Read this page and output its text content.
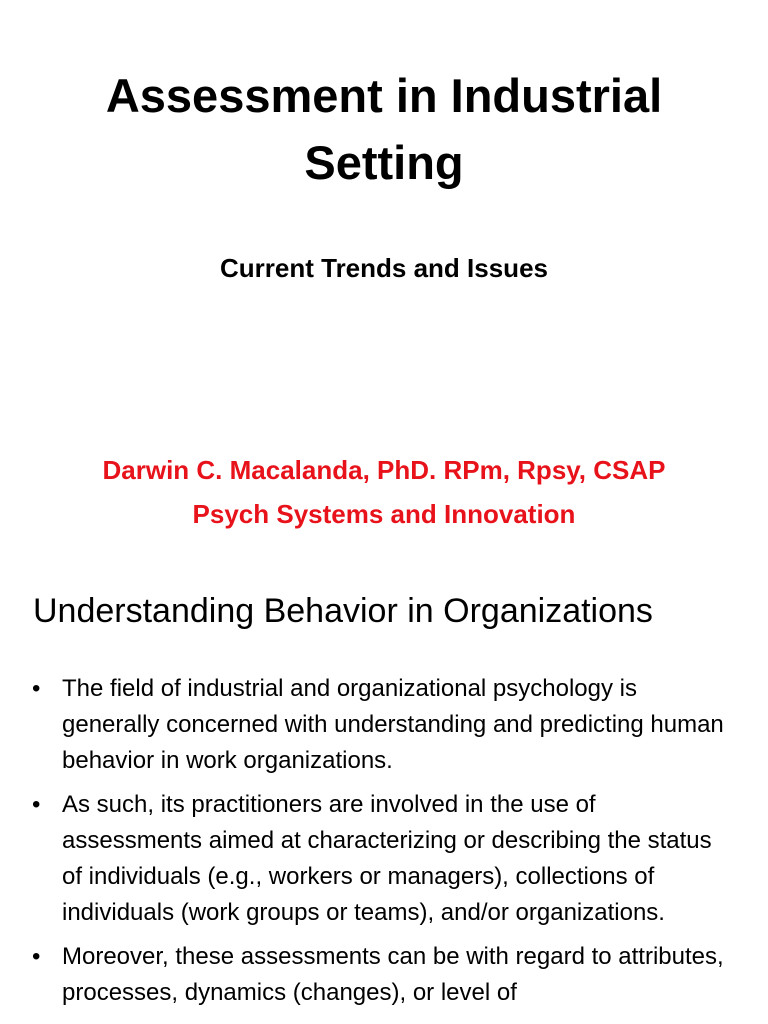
Assessment in Industrial Setting
Current Trends and Issues

Darwin C. Macalanda, PhD. RPm, Rpsy, CSAP

Psych Systems and Innovation

Understanding Behavior in Organizations
• The field of industrial and organizational psychology is generally concerned with understanding and predicting human behavior in work organizations.
• As such, its practitioners are involved in the use of assessments aimed at characterizing or describing the status of individuals (e.g., workers or managers), collections of individuals (work groups or teams), and/or organizations.
• Moreover, these assessments can be with regard to attributes, processes, dynamics (changes), or level of
